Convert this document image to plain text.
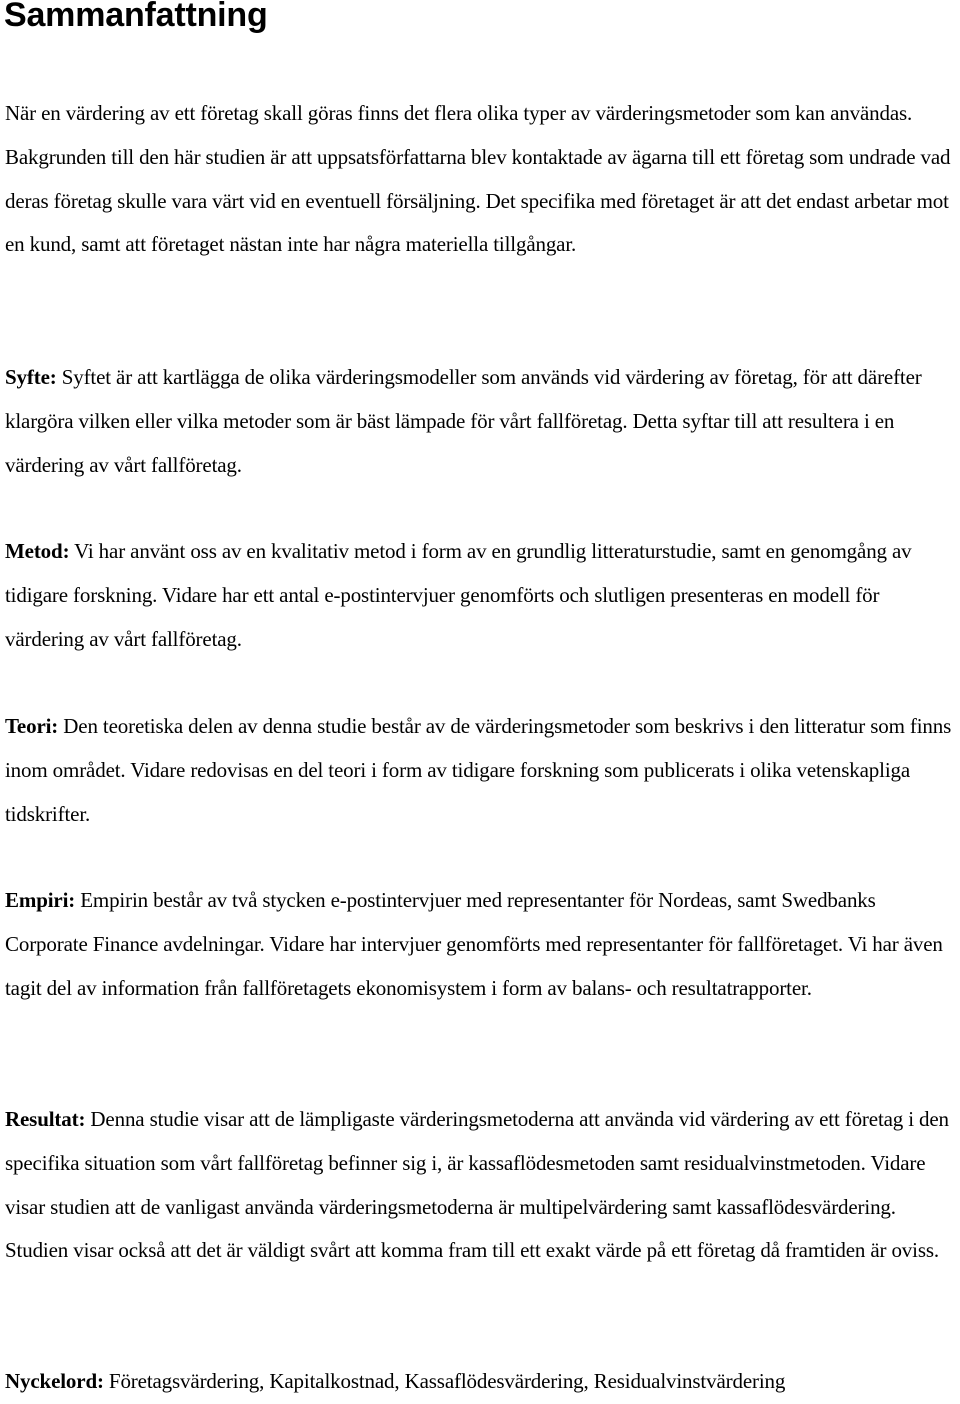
Sammanfattning

När en värdering av ett företag skall göras finns det flera olika typer av värderingsmetoder som kan användas. Bakgrunden till den här studien är att uppsatsförfattarna blev kontaktade av ägarna till ett företag som undrade vad deras företag skulle vara värt vid en eventuell försäljning. Det specifika med företaget är att det endast arbetar mot en kund, samt att företaget nästan inte har några materiella tillgångar.

Syfte: Syftet är att kartlägga de olika värderingsmodeller som används vid värdering av företag, för att därefter klargöra vilken eller vilka metoder som är bäst lämpade för vårt fallföretag. Detta syftar till att resultera i en värdering av vårt fallföretag.

Metod: Vi har använt oss av en kvalitativ metod i form av en grundlig litteraturstudie, samt en genomgång av tidigare forskning. Vidare har ett antal e-postintervjuer genomförts och slutligen presenteras en modell för värdering av vårt fallföretag.

Teori: Den teoretiska delen av denna studie består av de värderingsmetoder som beskrivs i den litteratur som finns inom området. Vidare redovisas en del teori i form av tidigare forskning som publicerats i olika vetenskapliga tidskrifter.

Empiri: Empirin består av två stycken e-postintervjuer med representanter för Nordeas, samt Swedbanks Corporate Finance avdelningar. Vidare har intervjuer genomförts med representanter för fallföretaget. Vi har även tagit del av information från fallföretagets ekonomisystem i form av balans- och resultatrapporter.

Resultat: Denna studie visar att de lämpligaste värderingsmetoderna att använda vid värdering av ett företag i den specifika situation som vårt fallföretag befinner sig i, är kassaflödesmetoden samt residualvinstmetoden. Vidare visar studien att de vanligast använda värderingsmetoderna är multipelvärdering samt kassaflödesvärdering. Studien visar också att det är väldigt svårt att komma fram till ett exakt värde på ett företag då framtiden är oviss.

Nyckelord: Företagsvärdering, Kapitalkostnad, Kassaflödesvärdering, Residualvinstvärdering
